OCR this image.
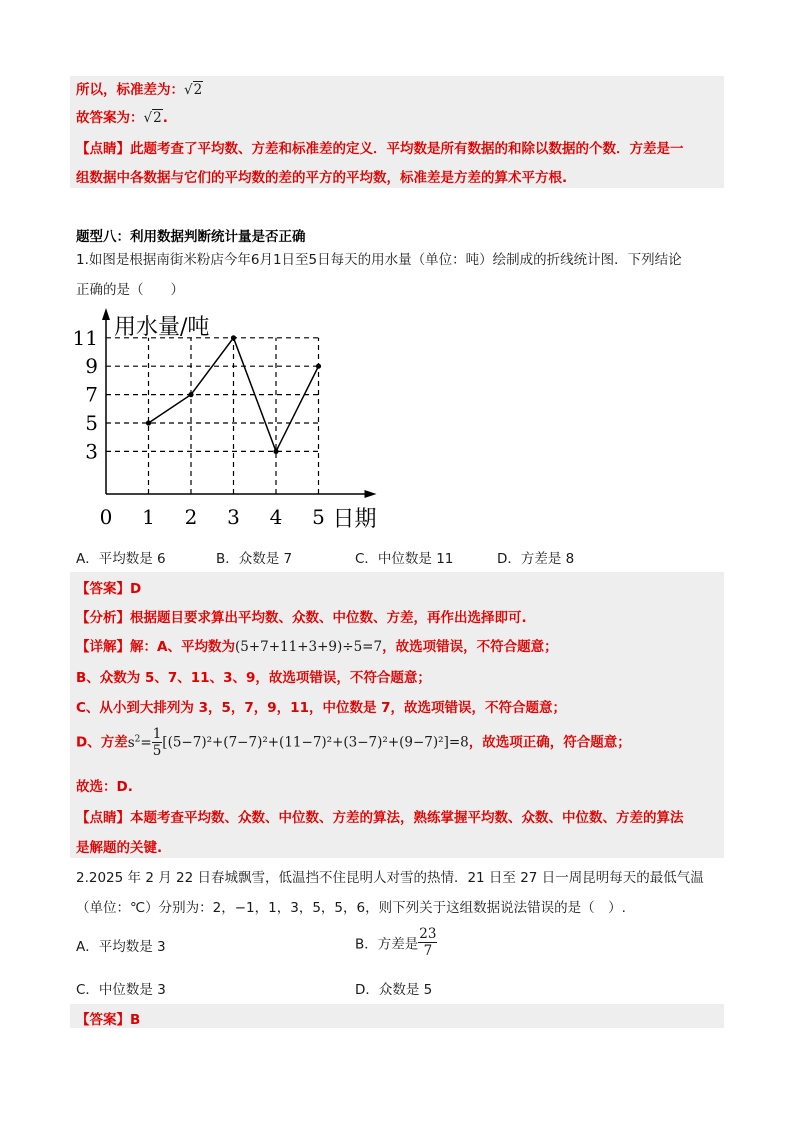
所以，标准差为：√2
故答案为：√2.
【点睛】此题考查了平均数、方差和标准差的定义．平均数是所有数据的和除以数据的个数．方差是一
组数据中各数据与它们的平均数的差的平方的平均数，标准差是方差的算术平方根.
题型八：利用数据判断统计量是否正确
1.如图是根据南街米粉店今年6月1日至5日每天的用水量（单位：吨）绘制成的折线统计图．下列结论
正确的是（　　）
3
5
7
9
11
1 2 3 4 5
0
用水量/吨
日期
A．平均数是 6	B．众数是 7	C．中位数是 11	D．方差是 8
【答案】D
【分析】根据题目要求算出平均数、众数、中位数、方差，再作出选择即可.
【详解】解：A、平均数为(5+7+11+3+9)÷5=7，故选项错误，不符合题意；
B、众数为 5、7、11、3、9，故选项错误，不符合题意；
C、从小到大排列为 3，5，7，9，11，中位数是 7，故选项错误，不符合题意；
D、方差$s^2= \frac{1}{5} [(5-7)^2+(7-7)^2+(11-7)^2+(3-7)^2+(9-7)^2]=8$，故选项正确，符合题意；
故选：D.
【点睛】本题考查平均数、众数、中位数、方差的算法，熟练掌握平均数、众数、中位数、方差的算法
是解题的关键.
2.2025 年 2 月 22 日春城飘雪，低温挡不住昆明人对雪的热情．21 日至 27 日一周昆明每天的最低气温
（单位：℃）分别为：2，−1，1，3，5，5，6，则下列关于这组数据说法错误的是（　）.
A．平均数是 3	B．方差是 $\frac{23}{7}$
C．中位数是 3	D．众数是 5
【答案】B
